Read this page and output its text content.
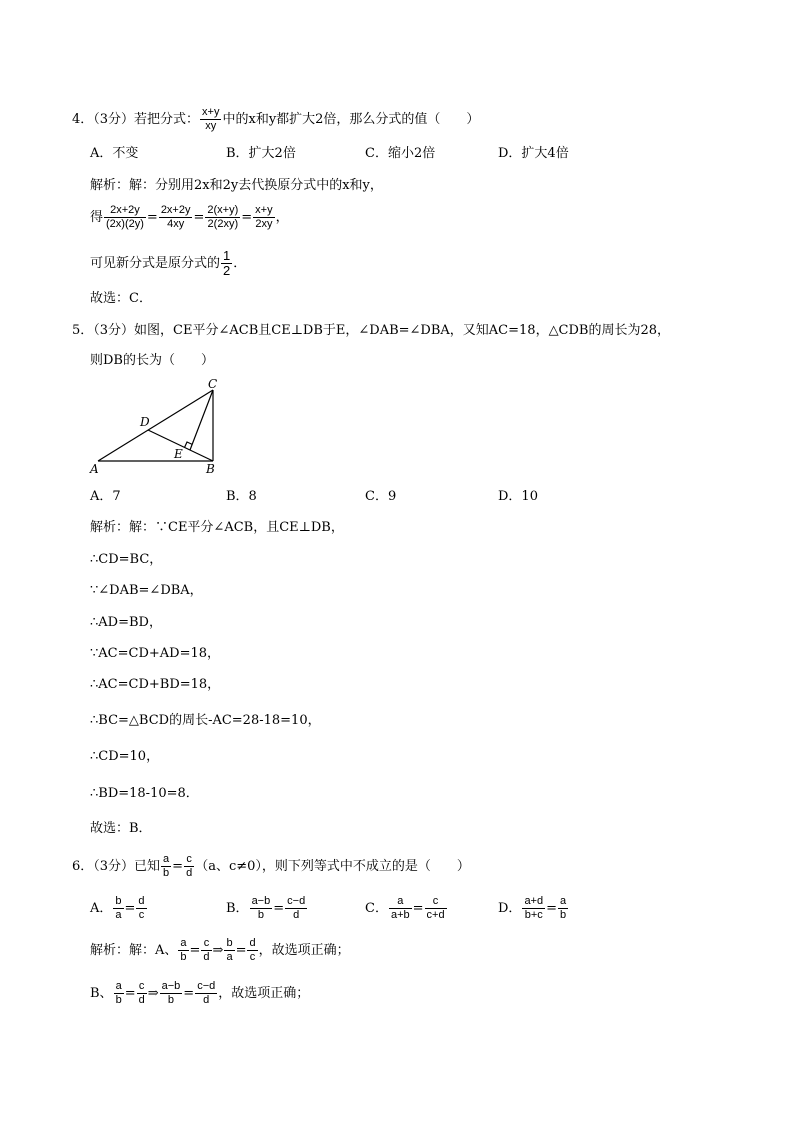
4．（3分）若把分式： $\frac{x+y}{xy}$ 中的x和y都扩大2倍，那么分式的值（　　）
A．不变	B．扩大2倍	C．缩小2倍	D．扩大4倍
解析：解：分别用2x和2y去代换原分式中的x和y，
得 $\frac{2x+2y}{(2x)(2y)} = \frac{2x+2y}{4xy} = \frac{2(x+y)}{2(2xy)} = \frac{x+y}{2xy}$ ，
可见新分式是原分式的 $\frac{1}{2}$ ．
故选：C．
5．（3分）如图，CE平分∠ACB且CE⊥DB于E，∠DAB=∠DBA，又知AC=18，△CDB的周长为28，
则DB的长为（　　）
C
D
E
A	B
A．7	B．8	C．9	D．10
解析：解：∵CE平分∠ACB，且CE⊥DB，
∴CD=BC，
∵∠DAB=∠DBA，
∴AD=BD，
∵AC=CD+AD=18，
∴AC=CD+BD=18，
∴BC=△BCD的周长-AC=28-18=10，
∴CD=10，
∴BD=18-10=8．
故选：B．
6．（3分）已知 $\frac{a}{b} = \frac{c}{d} (a$、c≠0），则下列等式中不成立的是（　　）
A． $\frac{b}{a} = \frac{d}{c}$	B． $\frac{a-b}{b} = \frac{c-d}{d}$	C． $\frac{a}{a+b} = \frac{c}{c+d}$	D． $\frac{a+d}{b+c} = \frac{a}{b}$
解析：解：A、 $\frac{a}{b} = \frac{c}{d}$ ⇒ $\frac{b}{a} = \frac{d}{c}$ ，故选项正确；
B、 $\frac{a}{b} = \frac{c}{d}$ ⇒ $\frac{a-b}{b} = \frac{c-d}{d}$ ，故选项正确；
